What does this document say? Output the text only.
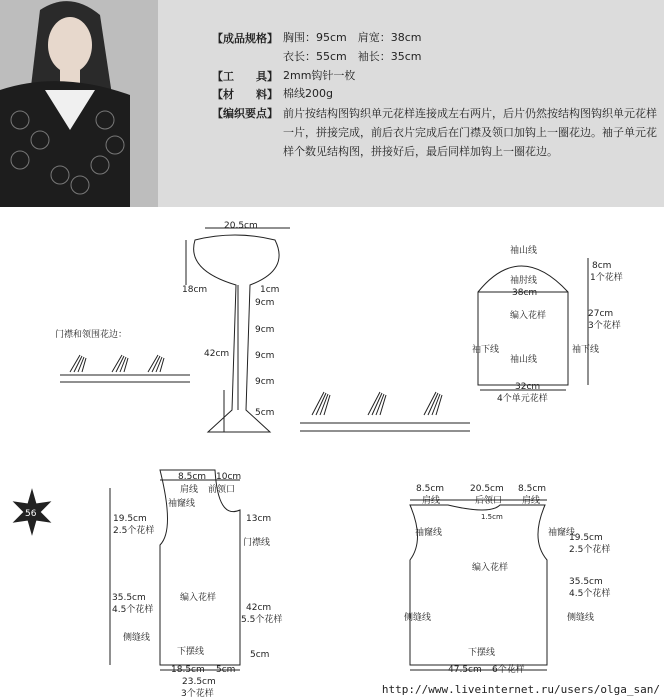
【成品规格】 胸围：95cm　肩宽：38cm
衣长：55cm　袖长：35cm
【工　　具】 2mm钩针一枚
【材　　料】 棉线200g
【编织要点】 前片按结构图钩织单元花样连接成左右两片，后片仍然按结构图钩织单元花样一片，拼接完成，前后衣片完成后在门襟及领口加钩上一圈花边。袖子单元花样个数见结构图，拼接好后，最后同样加钩上一圈花边。
20.5cm
18cm	1cm
42cm
9cm
9cm
9cm
9cm
5cm
门襟和领围花边：
袖山线
8cm
1个花样
袖肘线
38cm
编入花样	27cm
3个花样
袖下线	袖下线
袖山线
32cm
4个单元花样
8.5cm 10cm
肩线 前领口
袖窿线
19.5cm
2.5个花样
13cm
门襟线
35.5cm
4.5个花样
编入花样
42cm
5.5个花样
侧缝线
下摆线	5cm
18.5cm 5cm
23.5cm
3个花样
56
8.5cm	20.5cm 8.5cm
肩线	后领口 肩线
1.5cm
袖窿线	袖窿线
19.5cm
2.5个花样
编入花样
35.5cm
4.5个花样
侧缝线	侧缝线
下摆线
47.5cm 6个花样
http://www.liveinternet.ru/users/olga_san/
